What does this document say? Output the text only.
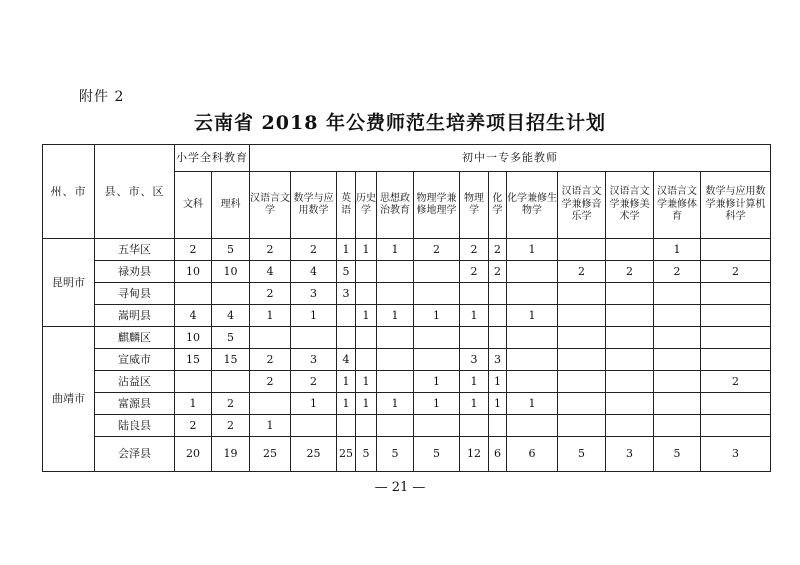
附件 2
云南省 2018 年公费师范生培养项目招生计划
州、市	县、市、区	小学全科教育		初中一专多能教师												
		文科	理科	汉语言文学	数学与应用数学	英语	历史学	思想政治教育	物理学兼修地理学	物理学	化学	化学兼修生物学	汉语言文学兼修音乐学	汉语言文学兼修美术学	汉语言文学兼修体育	数学与应用数学兼修计算机科学
昆明市	五华区	2	5	2	2	1	1	1	2	2	2	1			1	
	禄劝县	10	10	4	4	5				2	2		2	2	2	2
	寻甸县			2	3	3										
	嵩明县	4	4	1	1		1	1	1	1		1				
曲靖市	麒麟区	10	5													
	宣威市	15	15	2	3	4				3	3					
	沾益区			2	2	1	1		1	1	1					2
	富源县	1	2		1	1	1	1	1	1	1	1				
	陆良县	2	2	1												
	会泽县	20	19	25	25	25	5	5	5	12	6	6	5	3	5	3
— 21 —
